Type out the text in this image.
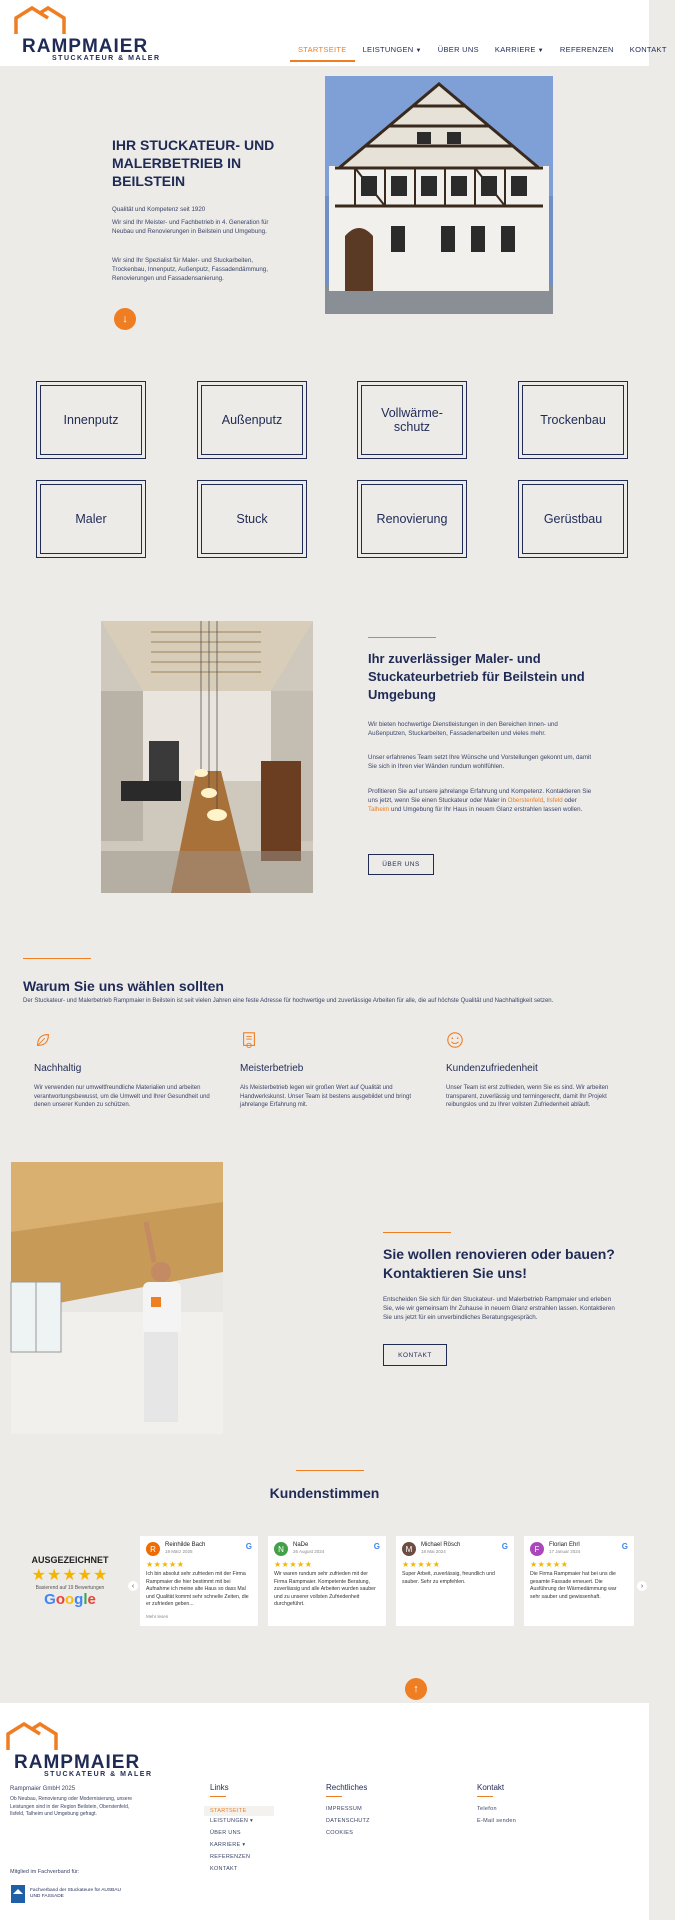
RAMPMAIER
STUCKATEUR & MALER
STARTSEITE	LEISTUNGEN ▼	ÜBER UNS	KARRIERE ▼	REFERENZEN	KONTAKT
IHR STUCKATEUR- UND MALERBETRIEB IN BEILSTEIN

Qualität und Kompetenz seit 1920

Wir sind Ihr Meister- und Fachbetrieb in 4. Generation für Neubau und Renovierungen in Beilstein und Umgebung.

Wir sind Ihr Spezialist für Maler- und Stuckarbeiten, Trockenbau, Innenputz, Außenputz, Fassadendämmung, Renovierungen und Fassadensanierung.

↓
Innenputz	Außenputz	Vollwärme-schutz	Trockenbau
Maler	Stuck	Renovierung	Gerüstbau
Ihr zuverlässiger Maler- und Stuckateurbetrieb für Beilstein und Umgebung

Wir bieten hochwertige Dienstleistungen in den Bereichen Innen- und Außenputzen, Stuckarbeiten, Fassadenarbeiten und vieles mehr.

Unser erfahrenes Team setzt Ihre Wünsche und Vorstellungen gekonnt um, damit Sie sich in Ihren vier Wänden rundum wohlfühlen.

Profitieren Sie auf unsere jahrelange Erfahrung und Kompetenz. Kontaktieren Sie uns jetzt, wenn Sie einen Stuckateur oder Maler in Oberstenfeld, Ilsfeld oder Talheim und Umgebung für Ihr Haus in neuem Glanz erstrahlen lassen wollen.

ÜBER UNS
Warum Sie uns wählen sollten

Der Stuckateur- und Malerbetrieb Rampmaier in Beilstein ist seit vielen Jahren eine feste Adresse für hochwertige und zuverlässige Arbeiten für alle, die auf höchste Qualität und Nachhaltigkeit setzen.

Nachhaltig
Wir verwenden nur umweltfreundliche Materialien und arbeiten verantwortungsbewusst, um die Umwelt und Ihrer Gesundheit und denen unserer Kunden zu schützen.
Meisterbetrieb
Als Meisterbetrieb legen wir großen Wert auf Qualität und Handwerkskunst. Unser Team ist bestens ausgebildet und bringt jahrelange Erfahrung mit.
Kundenzufriedenheit
Unser Team ist erst zufrieden, wenn Sie es sind. Wir arbeiten transparent, zuverlässig und termingerecht, damit Ihr Projekt reibungslos und zu Ihrer vollsten Zufriedenheit abläuft.
Sie wollen renovieren oder bauen? Kontaktieren Sie uns!

Entscheiden Sie sich für den Stuckateur- und Malerbetrieb Rampmaier und erleben Sie, wie wir gemeinsam Ihr Zuhause in neuem Glanz erstrahlen lassen. Kontaktieren Sie uns jetzt für ein unverbindliches Beratungsgespräch.

KONTAKT
Kundenstimmen
AUSGEZEICHNET
★★★★★
Basierend auf 19 Bewertungen
Google
‹	›
R	Reinhilde Bach
19 März 2025
G
★★★★★
Ich bin absolut sehr zufrieden mit der Firma Rampmaier die hier bestimmt mit bei Aufnahme ich meine alte Haus so dass Mal und Qualität kommt sehr schnelle Zeiten, die er zufrieden geben...
Mehr lesen
N	NaDe
26 August 2024
G
★★★★★
Wir waren rundum sehr zufrieden mit der Firma Rampmaier. Kompetente Beratung, zuverlässig und alle Arbeiten wurden sauber und zu unserer vollsten Zufriedenheit durchgeführt.
M	Michael Rösch
18 Mai 2024
G
★★★★★
Super Arbeit, zuverlässig, freundlich und sauber. Sehr zu empfehlen.
F	Florian Ehrl
17 Januar 2024
G
★★★★★
Die Firma Rampmaier hat bei uns die gesamte Fassade erneuert. Die Ausführung der Wärmedämmung war sehr sauber und gewissenhaft.
↑
RAMPMAIER
STUCKATEUR & MALER
Rampmaier GmbH 2025
Ob Neubau, Renovierung oder Modernisierung, unsere Leistungen sind in der Region Beilstein, Oberstenfeld, Ilsfeld, Talheim und Umgebung gefragt.
Mitglied im Fachverband für:
Fachverband der Stuckateure für AUSBAU UND FASSADE
Links
STARTSEITE
LEISTUNGEN ▾
ÜBER UNS
KARRIERE ▾
REFERENZEN
KONTAKT
Rechtliches
IMPRESSUM
DATENSCHUTZ
COOKIES
Kontakt
Telefon
E-Mail senden
